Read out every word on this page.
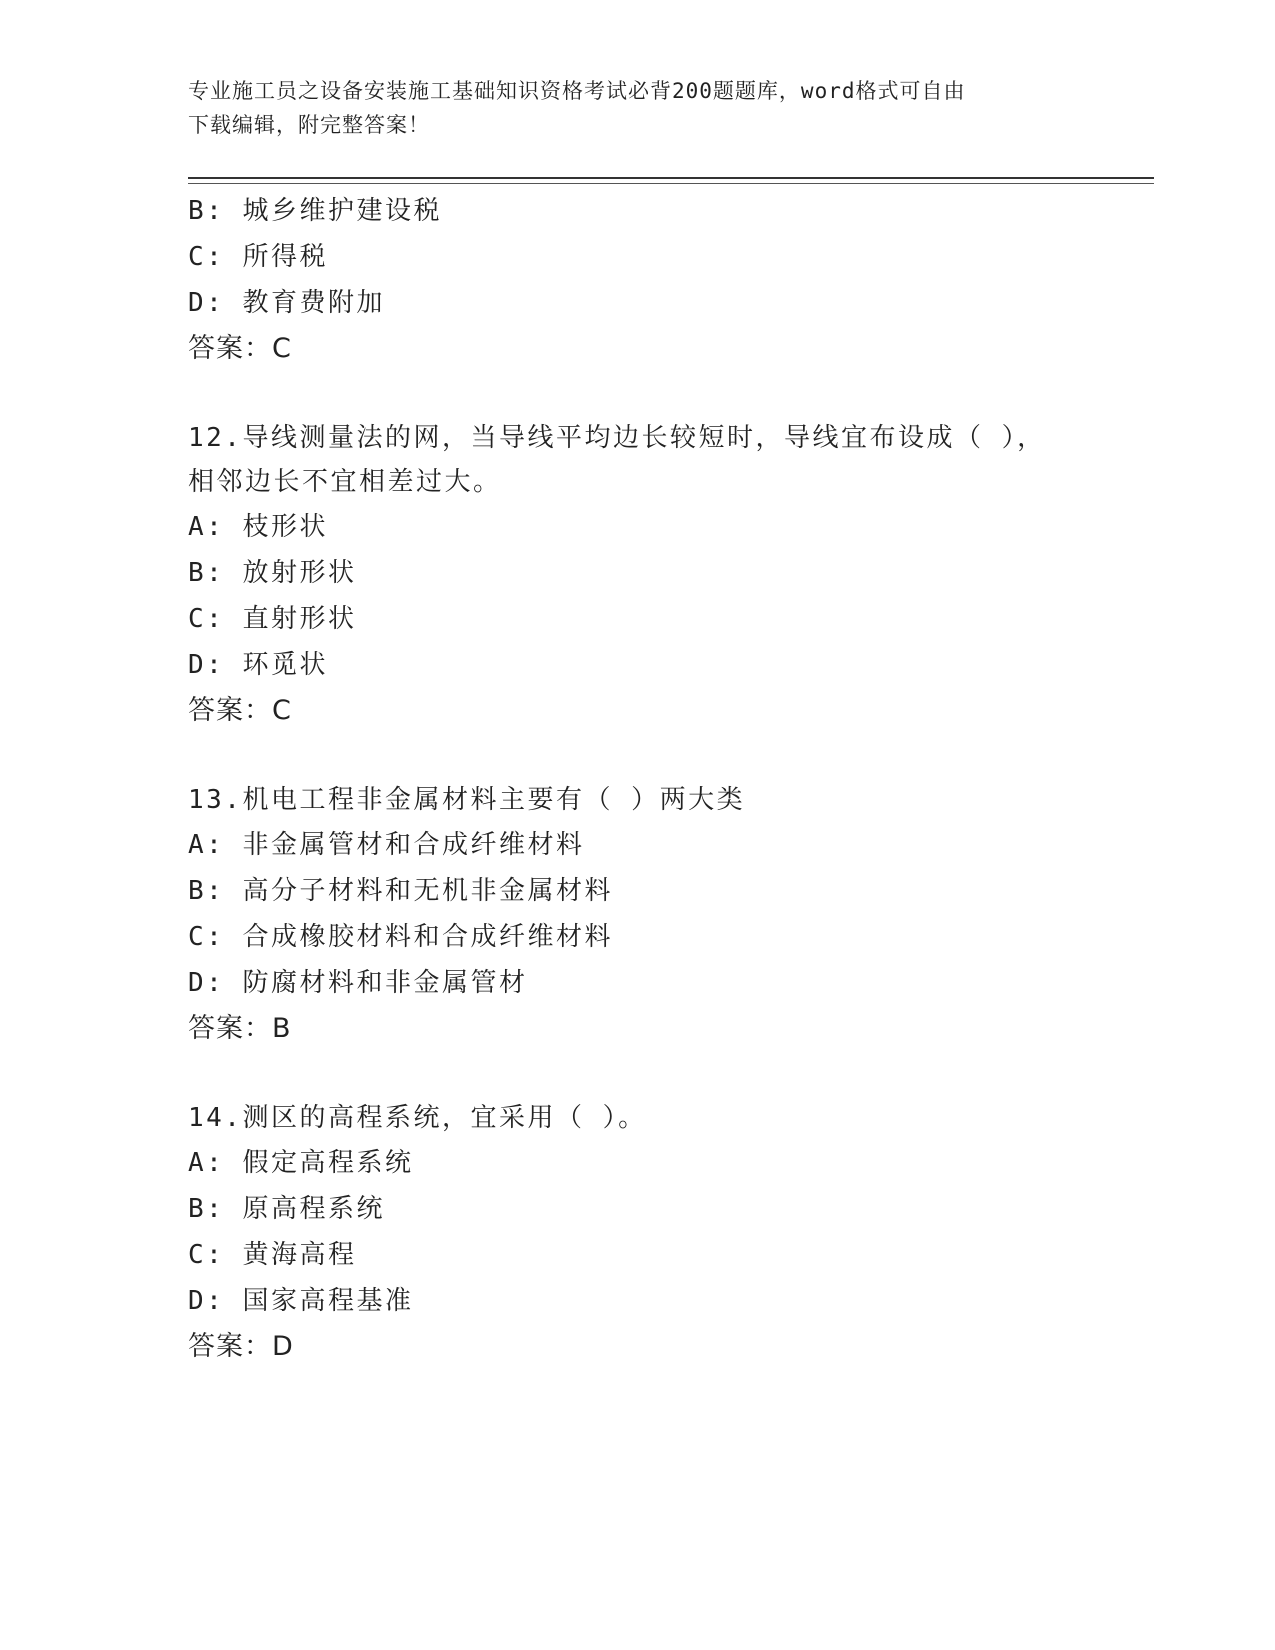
专业施工员之设备安装施工基础知识资格考试必背200题题库，word格式可自由
下载编辑，附完整答案！
B: 城乡维护建设税
C: 所得税
D: 教育费附加
答案：C
12.导线测量法的网，当导线平均边长较短时，导线宜布设成（ ），
相邻边长不宜相差过大。
A: 枝形状
B: 放射形状
C: 直射形状
D: 环觅状
答案：C
13.机电工程非金属材料主要有（ ）两大类
A: 非金属管材和合成纤维材料
B: 高分子材料和无机非金属材料
C: 合成橡胶材料和合成纤维材料
D: 防腐材料和非金属管材
答案：B
14.测区的高程系统，宜采用（ ）。
A: 假定高程系统
B: 原高程系统
C: 黄海高程
D: 国家高程基准
答案：D
